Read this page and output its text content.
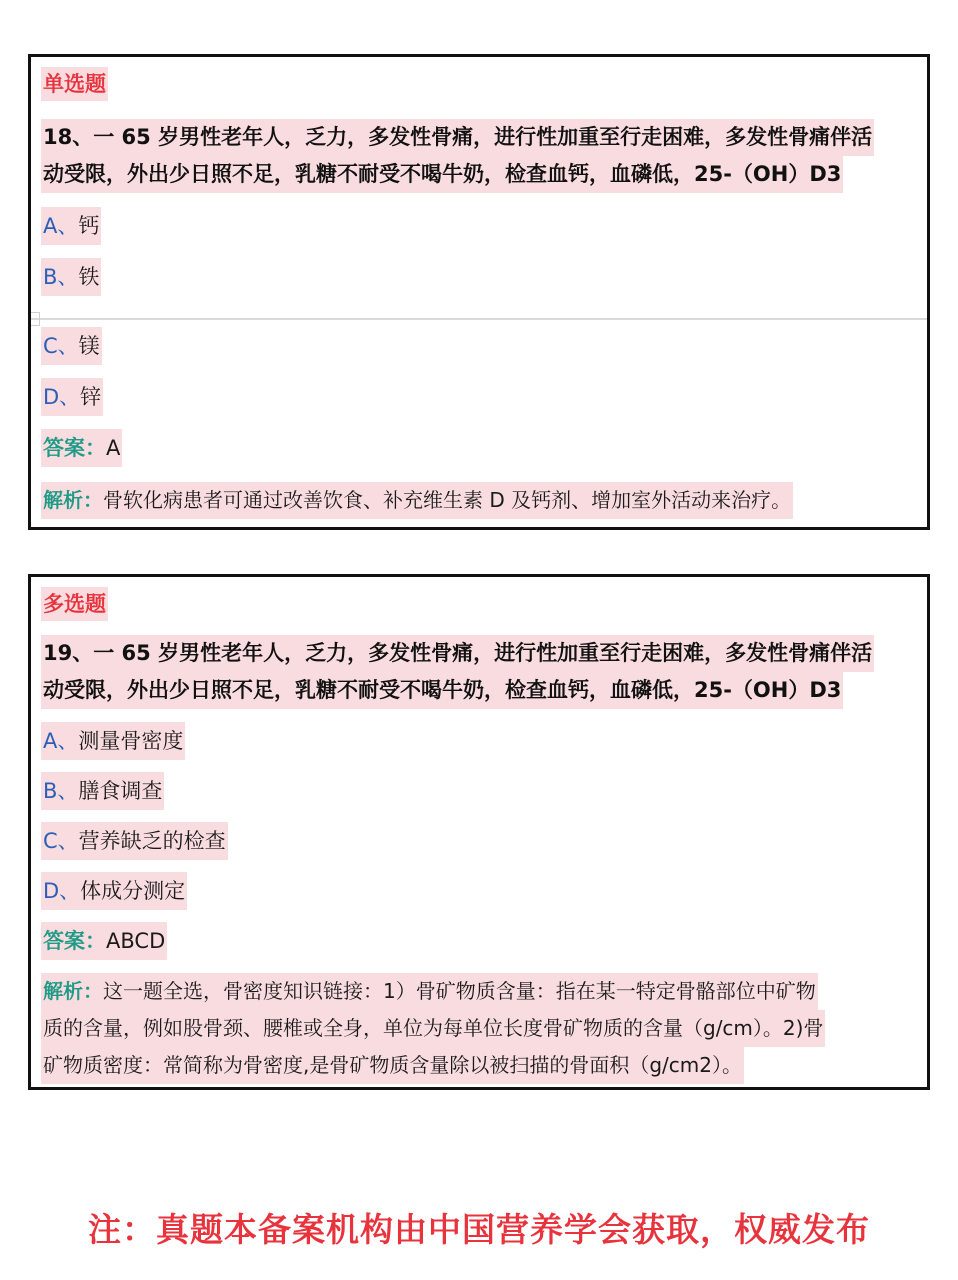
单选题
18、一 65 岁男性老年人，乏力，多发性骨痛，进行性加重至行走困难，多发性骨痛伴活
动受限，外出少日照不足，乳糖不耐受不喝牛奶，检查血钙，血磷低，25-（OH）D3
A、钙
B、铁
C、镁
D、锌
答案：A
解析：骨软化病患者可通过改善饮食、补充维生素 D 及钙剂、增加室外活动来治疗。
多选题
19、一 65 岁男性老年人，乏力，多发性骨痛，进行性加重至行走困难，多发性骨痛伴活
动受限，外出少日照不足，乳糖不耐受不喝牛奶，检查血钙，血磷低，25-（OH）D3
A、测量骨密度
B、膳食调查
C、营养缺乏的检查
D、体成分测定
答案：ABCD
解析：这一题全选，骨密度知识链接：1）骨矿物质含量：指在某一特定骨骼部位中矿物
质的含量，例如股骨颈、腰椎或全身，单位为每单位长度骨矿物质的含量（g/cm）。2)骨
矿物质密度：常简称为骨密度,是骨矿物质含量除以被扫描的骨面积（g/cm2）。
注：真题本备案机构由中国营养学会获取，权威发布
